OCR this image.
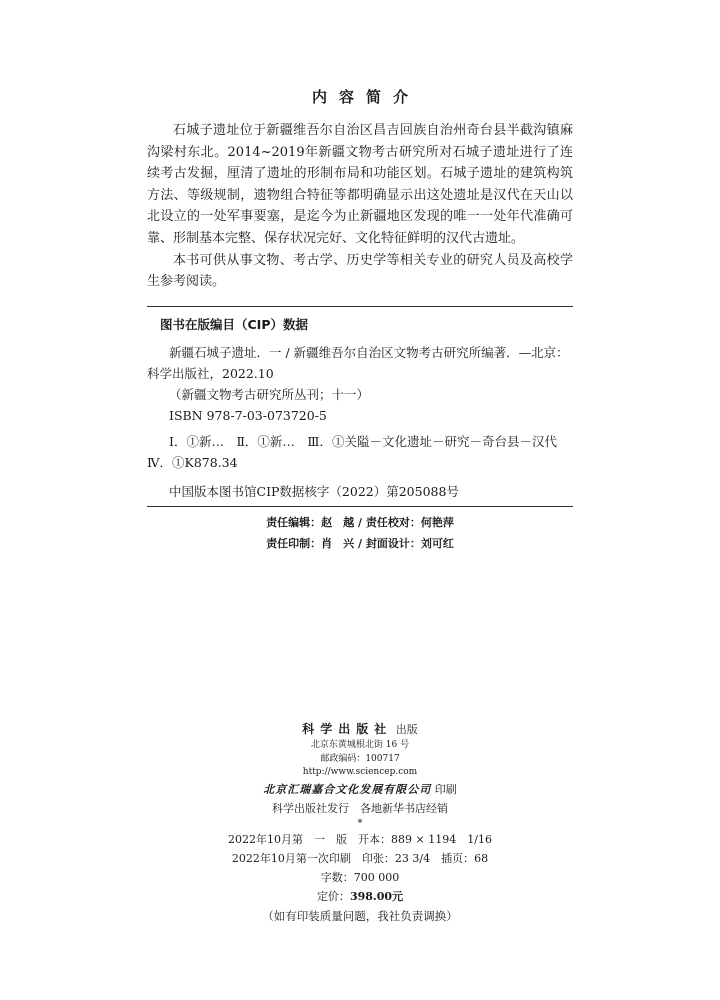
内容简介

石城子遗址位于新疆维吾尔自治区昌吉回族自治州奇台县半截沟镇麻沟梁村东北。2014~2019年新疆文物考古研究所对石城子遗址进行了连续考古发掘，厘清了遗址的形制布局和功能区划。石城子遗址的建筑构筑方法、等级规制，遗物组合特征等都明确显示出这处遗址是汉代在天山以北设立的一处军事要塞，是迄今为止新疆地区发现的唯一一处年代准确可靠、形制基本完整、保存状况完好、文化特征鲜明的汉代古遗址。

本书可供从事文物、考古学、历史学等相关专业的研究人员及高校学生参考阅读。

图书在版编目（CIP）数据
新疆石城子遗址．一 / 新疆维吾尔自治区文物考古研究所编著．—北京：
科学出版社，2022.10
（新疆文物考古研究所丛刊；十一）
ISBN 978-7-03-073720-5
Ⅰ．①新…　Ⅱ．①新…　Ⅲ．①关隘－文化遗址－研究－奇台县－汉代
Ⅳ．①K878.34
中国版本图书馆CIP数据核字（2022）第205088号
责任编辑：赵　越 / 责任校对：何艳萍
责任印制：肖　兴 / 封面设计：刘可红
科学出版社 出版
北京东黄城根北街 16 号
邮政编码：100717
http://www.sciencep.com
北京汇瑞嘉合文化发展有限公司 印刷
科学出版社发行　各地新华书店经销
*
2022年10月第　一　版　开本：889 × 1194　1/16
2022年10月第一次印刷　印张：23 3/4　插页：68
字数：700 000
定价：398.00元
（如有印装质量问题，我社负责调换）
